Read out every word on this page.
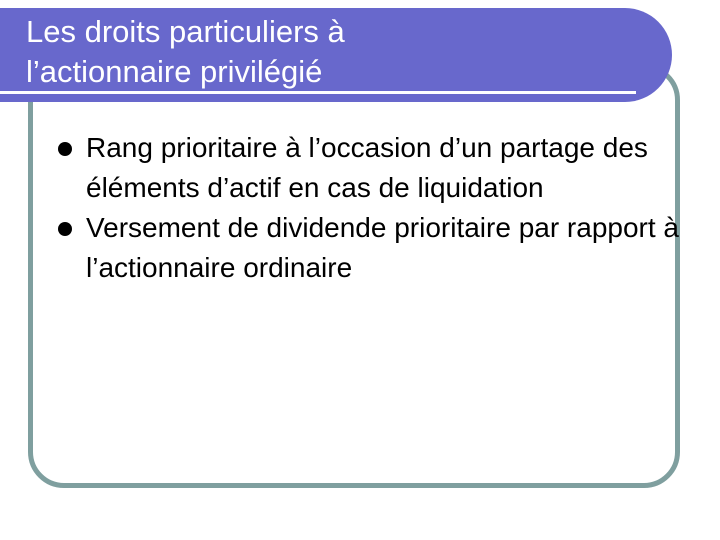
Les droits particuliers à
l’actionnaire privilégié
Rang prioritaire à l’occasion d’un partage des éléments d’actif en cas de liquidation
Versement de dividende prioritaire par rapport à l’actionnaire ordinaire
